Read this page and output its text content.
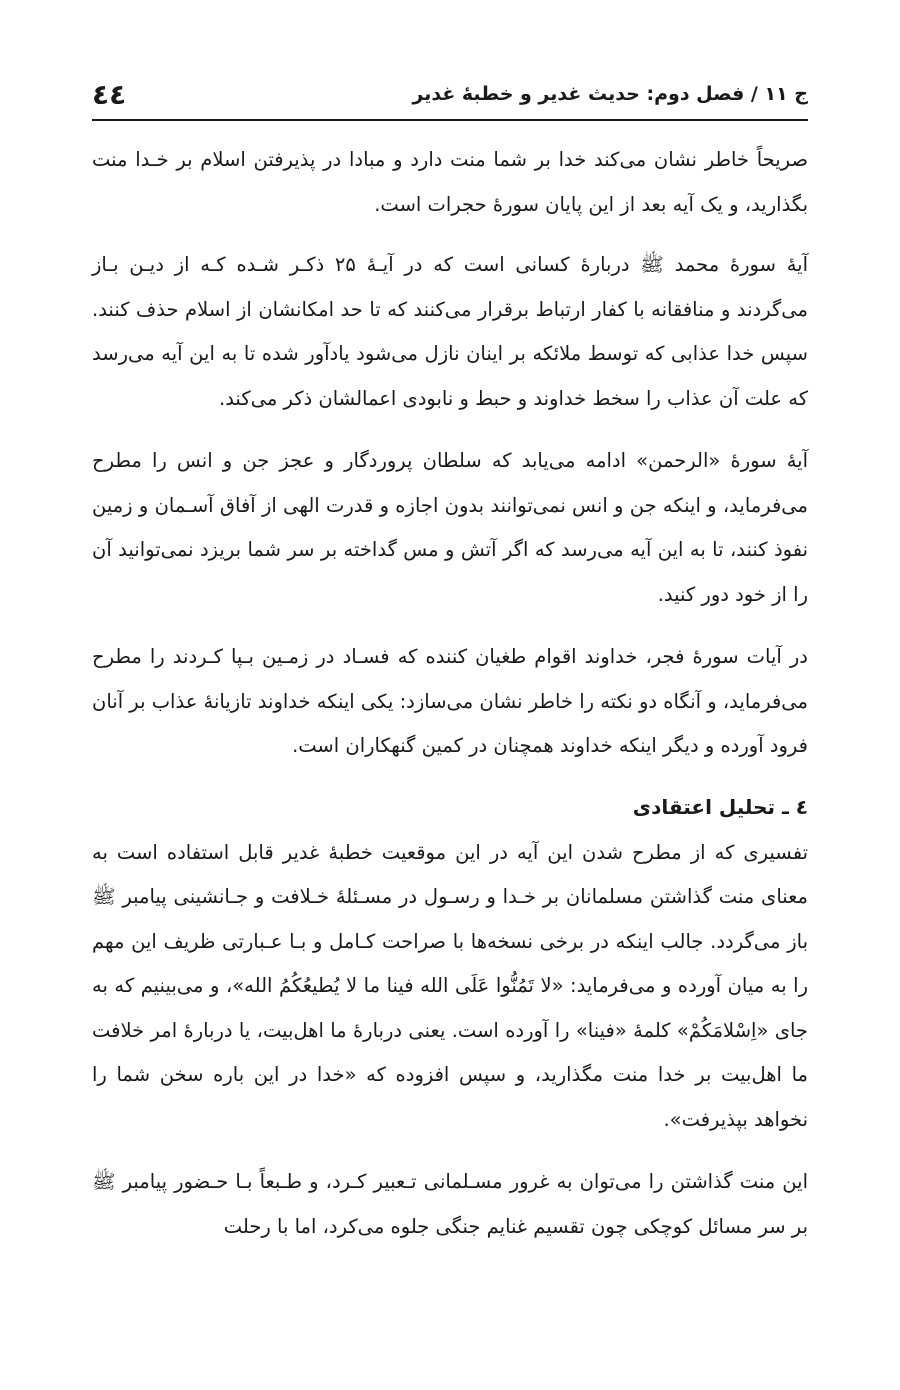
ج ١١ / فصل دوم: حدیث غدیر و خطبهٔ غدیر
٤٤

صریحاً خاطر نشان می‌کند خدا بر شما منت دارد و مبادا در پذیرفتن اسلام بر خـدا منت بگذارید، و یک آیه بعد از این پایان سورهٔ حجرات است.

آیهٔ سورهٔ محمد ﷺ دربارهٔ کسانی است که در آیـهٔ ۲۵ ذکـر شـده کـه از دیـن بـاز می‌گردند و منافقانه با کفار ارتباط برقرار می‌کنند که تا حد امکانشان از اسلام حذف کنند. سپس خدا عذابی که توسط ملائکه بر اینان نازل می‌شود یادآور شده تا به این آیه می‌رسد که علت آن عذاب را سخط خداوند و حبط و نابودی اعمالشان ذکر می‌کند.

آیهٔ سورهٔ «الرحمن» ادامه می‌یابد که سلطان پروردگار و عجز جن و انس را مطرح می‌فرماید، و اینکه جن و انس نمی‌توانند بدون اجازه و قدرت الهی از آفاق آسـمان و زمین نفوذ کنند، تا به این آیه می‌رسد که اگر آتش و مس گداخته بر سر شما بریزد نمی‌توانید آن را از خود دور کنید.

در آیات سورهٔ فجر، خداوند اقوام طغیان کننده که فسـاد در زمـین بـپا کـردند را مطرح می‌فرماید، و آنگاه دو نکته را خاطر نشان می‌سازد: یکی اینکه خداوند تازیانهٔ عذاب بر آنان فرود آورده و دیگر اینکه خداوند همچنان در کمین گنهکاران است.

٤ ـ تحلیل اعتقادی

تفسیری که از مطرح شدن این آیه در این موقعیت خطبهٔ غدیر قابل استفاده است به معنای منت گذاشتن مسلمانان بر خـدا و رسـول در مسـئلهٔ خـلافت و جـانشینی پیامبر ﷺ باز می‌گردد. جالب اینکه در برخی نسخه‌ها با صراحت کـامل و بـا عـبارتی ظریف این مهم را به میان آورده و می‌فرماید: «لا تَمُنُّوا عَلَى الله فينا ما لا يُطيعُكُمُ الله»، و می‌بینیم که به جای «اِسْلامَكُمْ» کلمهٔ «فینا» را آورده است. یعنی دربارهٔ ما اهل‌بیت، یا دربارهٔ امر خلافت ما اهل‌بیت بر خدا منت مگذارید، و سپس افزوده که «خدا در این باره سخن شما را نخواهد بپذیرفت».

این منت گذاشتن را می‌توان به غرور مسـلمانی تـعبیر کـرد، و طـبعاً بـا حـضور پیامبر ﷺ بر سر مسائل کوچکی چون تقسیم غنایم جنگی جلوه می‌کرد، اما با رحلت
